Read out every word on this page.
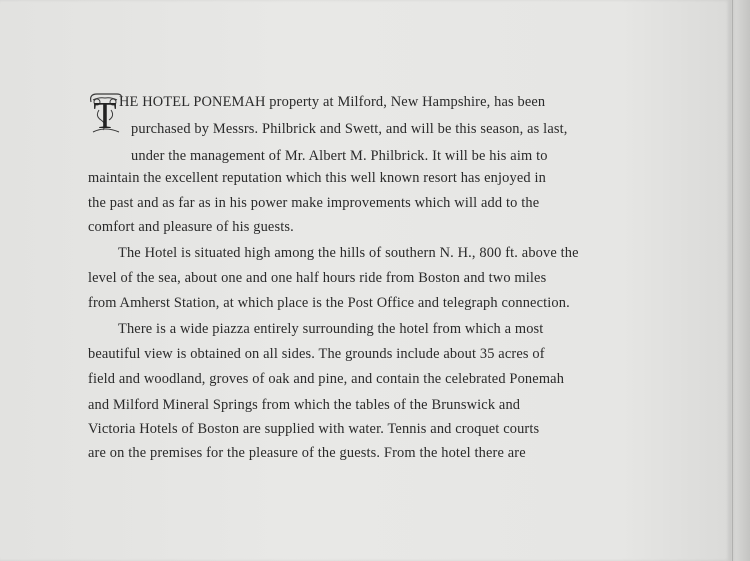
T HE HOTEL PONEMAH property at Milford, New Hampshire, has been
purchased by Messrs. Philbrick and Swett, and will be this season, as last,
under the management of Mr. Albert M. Philbrick. It will be his aim to
maintain the excellent reputation which this well known resort has enjoyed in
the past and as far as in his power make improvements which will add to the
comfort and pleasure of his guests.
The Hotel is situated high among the hills of southern N. H., 800 ft. above the
level of the sea, about one and one half hours ride from Boston and two miles
from Amherst Station, at which place is the Post Office and telegraph connection.
There is a wide piazza entirely surrounding the hotel from which a most
beautiful view is obtained on all sides. The grounds include about 35 acres of
field and woodland, groves of oak and pine, and contain the celebrated Ponemah
and Milford Mineral Springs from which the tables of the Brunswick and
Victoria Hotels of Boston are supplied with water. Tennis and croquet courts
are on the premises for the pleasure of the guests. From the hotel there are
